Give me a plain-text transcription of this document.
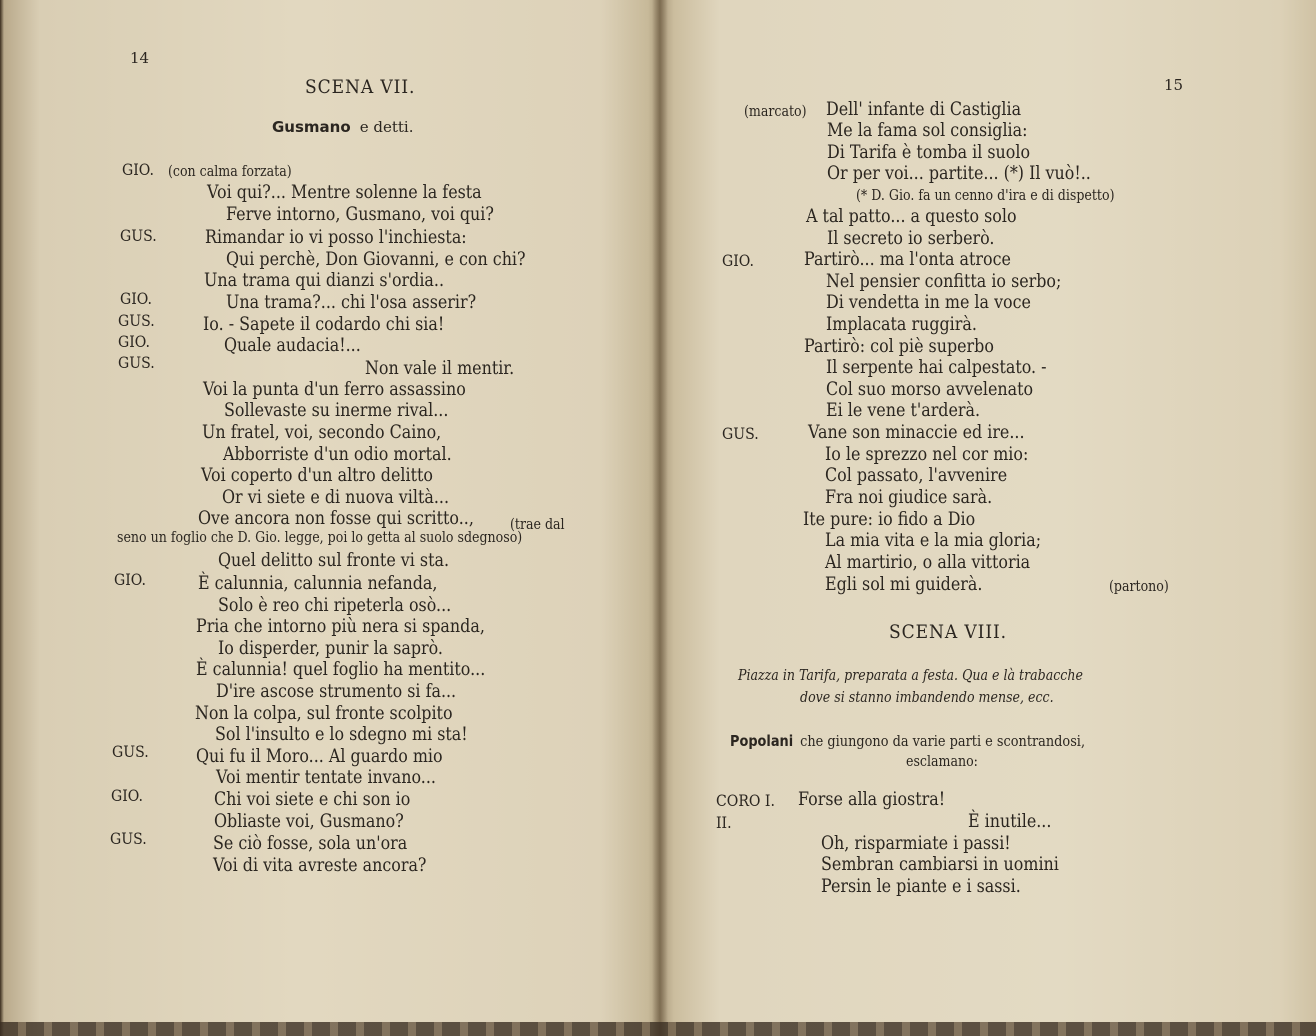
14
SCENA VII.
Gusmano e detti.
GIO. (con calma forzata)
Voi qui?... Mentre solenne la festa
Ferve intorno, Gusmano, voi qui?
GUS.	Rimandar io vi posso l'inchiesta:
Qui perchè, Don Giovanni, e con chi?
Una trama qui dianzi s'ordia..
GIO.	Una trama?... chi l'osa asserir?
GUS.	Io. - Sapete il codardo chi sia!
GIO.	Quale audacia!...
GUS.	Non vale il mentir.
Voi la punta d'un ferro assassino
Sollevaste su inerme rival...
Un fratel, voi, secondo Caino,
Abborriste d'un odio mortal.
Voi coperto d'un altro delitto
Or vi siete e di nuova viltà...
Ove ancora non fosse qui scritto.., (trae dal
seno un foglio che D. Gio. legge, poi lo getta al suolo sdegnoso)
Quel delitto sul fronte vi sta.
GIO.	È calunnia, calunnia nefanda,
Solo è reo chi ripeterla osò...
Pria che intorno più nera si spanda,
Io disperder, punir la saprò.
È calunnia! quel foglio ha mentito...
D'ire ascose strumento si fa...
Non la colpa, sul fronte scolpito
Sol l'insulto e lo sdegno mi sta!
GUS.	Qui fu il Moro... Al guardo mio
Voi mentir tentate invano...
GIO.	Chi voi siete e chi son io
Obliaste voi, Gusmano?
GUS.	Se ciò fosse, sola un'ora
Voi di vita avreste ancora?
15
(marcato) Dell' infante di Castiglia
Me la fama sol consiglia:
Di Tarifa è tomba il suolo
Or per voi... partite... (*) Il vuò!..
(* D. Gio. fa un cenno d'ira e di dispetto)
A tal patto... a questo solo
Il secreto io serberò.
GIO.	Partirò... ma l'onta atroce
Nel pensier confitta io serbo;
Di vendetta in me la voce
Implacata ruggirà.
Partirò: col piè superbo
Il serpente hai calpestato. -
Col suo morso avvelenato
Ei le vene t'arderà.
GUS.	Vane son minaccie ed ire...
Io le sprezzo nel cor mio:
Col passato, l'avvenire
Fra noi giudice sarà.
Ite pure: io fido a Dio
La mia vita e la mia gloria;
Al martirio, o alla vittoria
Egli sol mi guiderà.	(partono)
SCENA VIII.
Piazza in Tarifa, preparata a festa. Qua e là trabacche
dove si stanno imbandendo mense, ecc.
Popolani che giungono da varie parti e scontrandosi,
esclamano:
CORO I. Forse alla giostra!
II.	È inutile...
Oh, risparmiate i passi!
Sembran cambiarsi in uomini
Persin le piante e i sassi.
